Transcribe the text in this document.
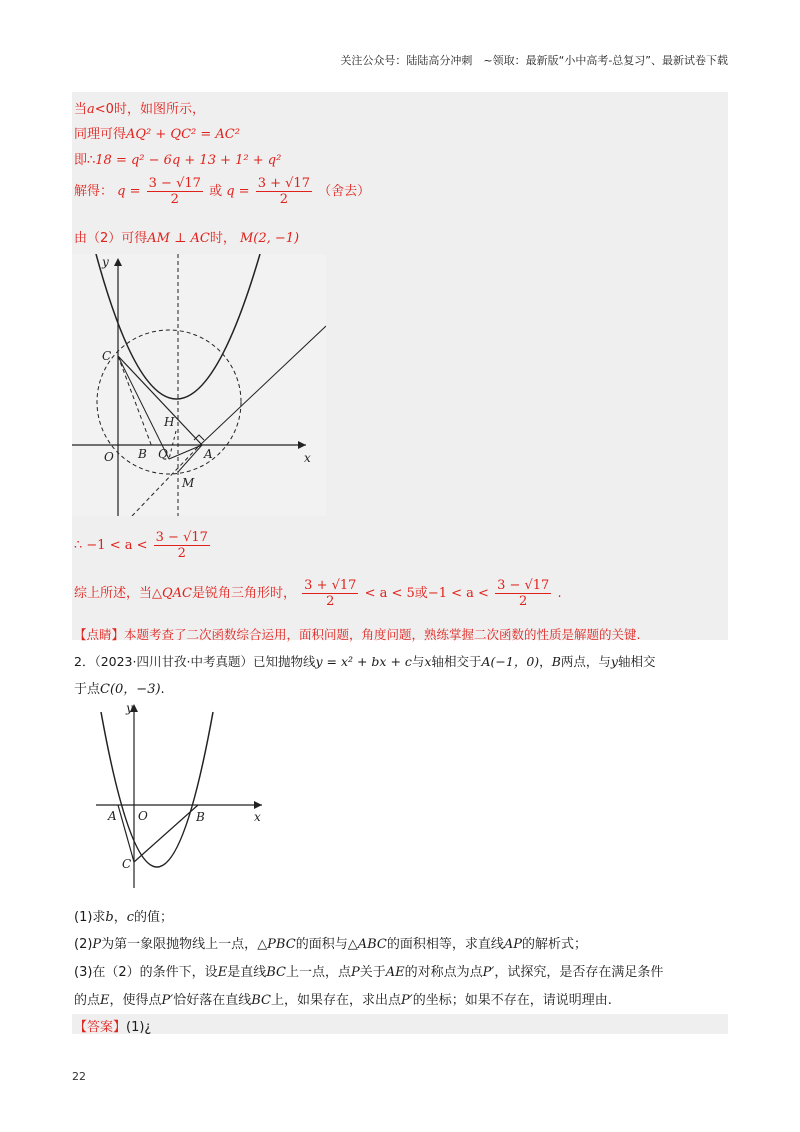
关注公众号：陆陆高分冲刺　~领取：最新版“小中高考-总复习”、最新试卷下载
当a<0时，如图所示，
同理可得AQ² + QC² = AC²
即∴18 = q² − 6q + 13 + 1² + q²
解得： $q = \frac{3 - √17}{2}$ 或 $q = \frac{3 + √17}{2}$ （舍去）
由（2）可得AM ⊥ AC时， M(2, −1)
y
x
O
C
H
B Q	A
M
∴ $-1 < a < \frac{3 - √17}{2}$
综上所述，当△QAC是锐角三角形时， $\frac{3 + √17}{2} < a < 5$或$-1 < a < \frac{3 - √17}{2}$ .
【点睛】本题考查了二次函数综合运用，面积问题，角度问题，熟练掌握二次函数的性质是解题的关键.
2．（2023·四川甘孜·中考真题）已知抛物线y = x² + bx + c与x轴相交于A(−1，0)，B两点，与y轴相交
于点C(0，−3).
y
x
A O	B
C
(1)求b，c的值；
(2)P为第一象限抛物线上一点，△PBC的面积与△ABC的面积相等，求直线AP的解析式；
(3)在（2）的条件下，设E是直线BC上一点，点P关于AE的对称点为点P′，试探究，是否存在满足条件
的点E，使得点P′恰好落在直线BC上，如果存在，求出点P′的坐标；如果不存在，请说明理由.
【答案】(1)¿
22
